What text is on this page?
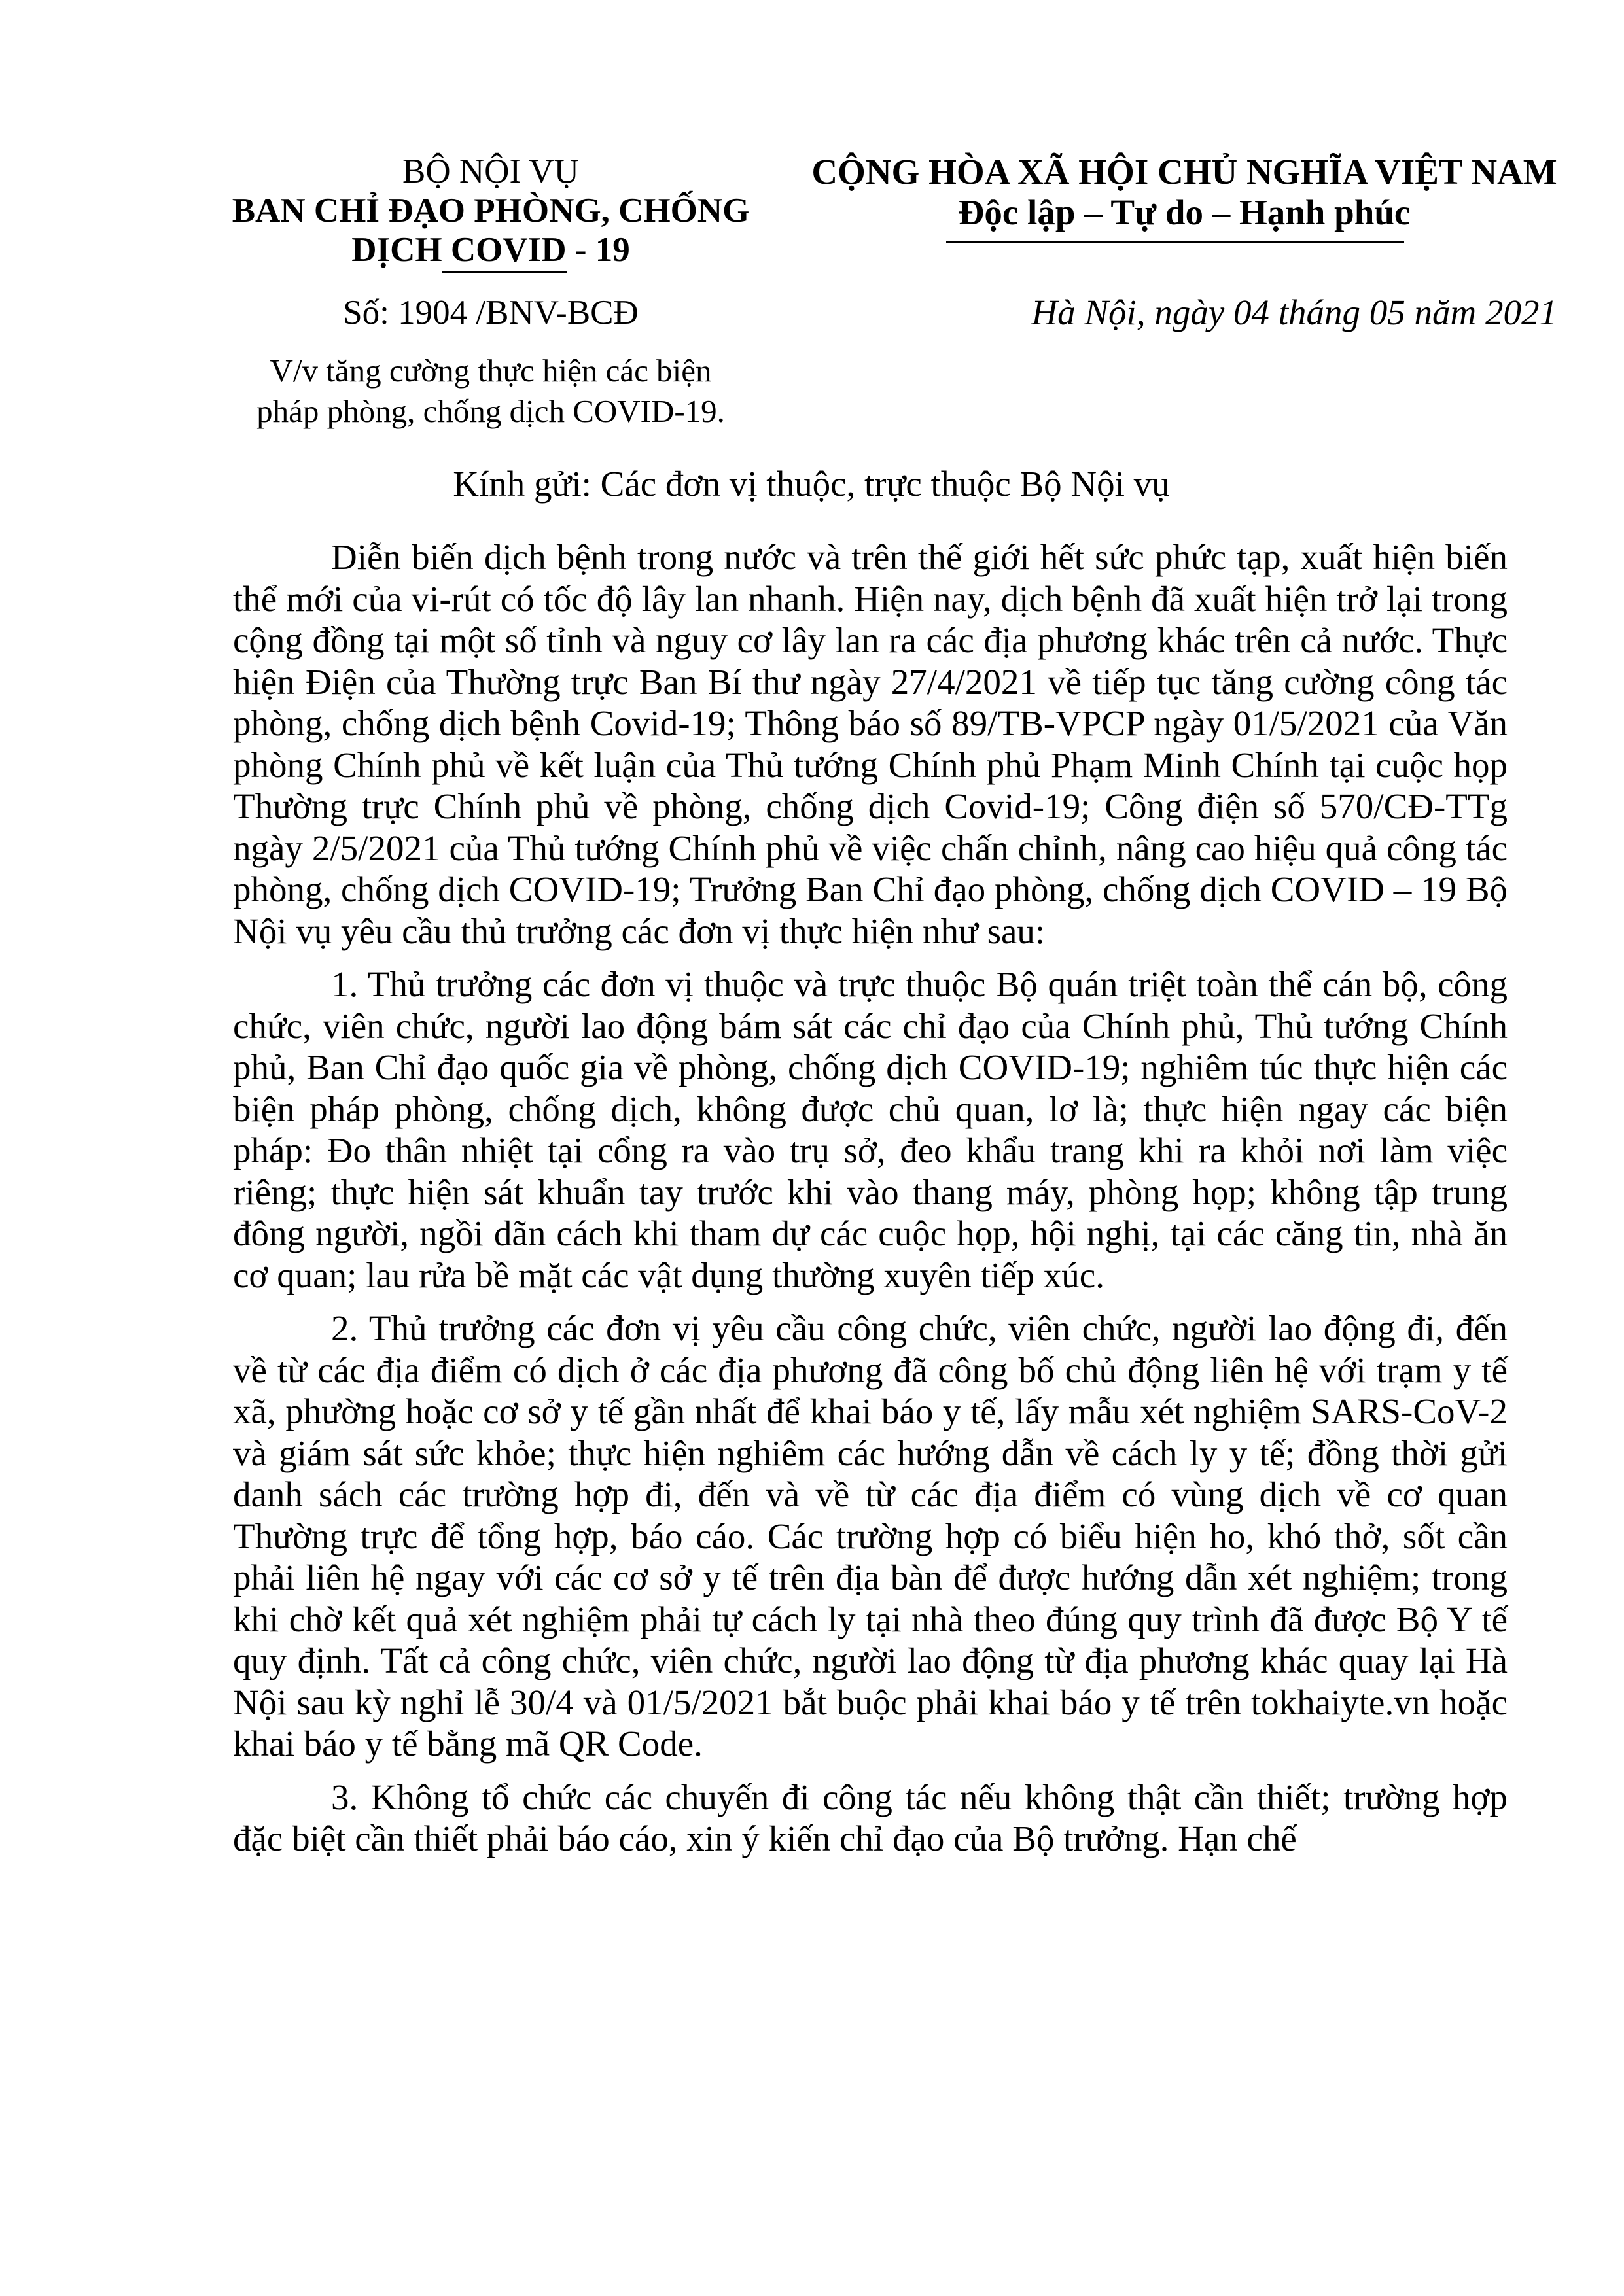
BỘ NỘI VỤ
BAN CHỈ ĐẠO PHÒNG, CHỐNG
DỊCH COVID - 19
CỘNG HÒA XÃ HỘI CHỦ NGHĨA VIỆT NAM
Độc lập – Tự do – Hạnh phúc
Số: 1904 /BNV-BCĐ	Hà Nội, ngày 04 tháng 05 năm 2021
V/v tăng cường thực hiện các biện
pháp phòng, chống dịch COVID-19.
Kính gửi: Các đơn vị thuộc, trực thuộc Bộ Nội vụ

Diễn biến dịch bệnh trong nước và trên thế giới hết sức phức tạp, xuất hiện biến thể mới của vi-rút có tốc độ lây lan nhanh. Hiện nay, dịch bệnh đã xuất hiện trở lại trong cộng đồng tại một số tỉnh và nguy cơ lây lan ra các địa phương khác trên cả nước. Thực hiện Điện của Thường trực Ban Bí thư ngày 27/4/2021 về tiếp tục tăng cường công tác phòng, chống dịch bệnh Covid-19; Thông báo số 89/TB-VPCP ngày 01/5/2021 của Văn phòng Chính phủ về kết luận của Thủ tướng Chính phủ Phạm Minh Chính tại cuộc họp Thường trực Chính phủ về phòng, chống dịch Covid-19; Công điện số 570/CĐ-TTg ngày 2/5/2021 của Thủ tướng Chính phủ về việc chấn chỉnh, nâng cao hiệu quả công tác phòng, chống dịch COVID-19; Trưởng Ban Chỉ đạo phòng, chống dịch COVID – 19 Bộ Nội vụ yêu cầu thủ trưởng các đơn vị thực hiện như sau:

1. Thủ trưởng các đơn vị thuộc và trực thuộc Bộ quán triệt toàn thể cán bộ, công chức, viên chức, người lao động bám sát các chỉ đạo của Chính phủ, Thủ tướng Chính phủ, Ban Chỉ đạo quốc gia về phòng, chống dịch COVID-19; nghiêm túc thực hiện các biện pháp phòng, chống dịch, không được chủ quan, lơ là; thực hiện ngay các biện pháp: Đo thân nhiệt tại cổng ra vào trụ sở, đeo khẩu trang khi ra khỏi nơi làm việc riêng; thực hiện sát khuẩn tay trước khi vào thang máy, phòng họp; không tập trung đông người, ngồi dãn cách khi tham dự các cuộc họp, hội nghị, tại các căng tin, nhà ăn cơ quan; lau rửa bề mặt các vật dụng thường xuyên tiếp xúc.

2. Thủ trưởng các đơn vị yêu cầu công chức, viên chức, người lao động đi, đến về từ các địa điểm có dịch ở các địa phương đã công bố chủ động liên hệ với trạm y tế xã, phường hoặc cơ sở y tế gần nhất để khai báo y tế, lấy mẫu xét nghiệm SARS-CoV-2 và giám sát sức khỏe; thực hiện nghiêm các hướng dẫn về cách ly y tế; đồng thời gửi danh sách các trường hợp đi, đến và về từ các địa điểm có vùng dịch về cơ quan Thường trực để tổng hợp, báo cáo. Các trường hợp có biểu hiện ho, khó thở, sốt cần phải liên hệ ngay với các cơ sở y tế trên địa bàn để được hướng dẫn xét nghiệm; trong khi chờ kết quả xét nghiệm phải tự cách ly tại nhà theo đúng quy trình đã được Bộ Y tế quy định. Tất cả công chức, viên chức, người lao động từ địa phương khác quay lại Hà Nội sau kỳ nghỉ lễ 30/4 và 01/5/2021 bắt buộc phải khai báo y tế trên tokhaiyte.vn hoặc khai báo y tế bằng mã QR Code.

3. Không tổ chức các chuyến đi công tác nếu không thật cần thiết; trường hợp đặc biệt cần thiết phải báo cáo, xin ý kiến chỉ đạo của Bộ trưởng. Hạn chế
